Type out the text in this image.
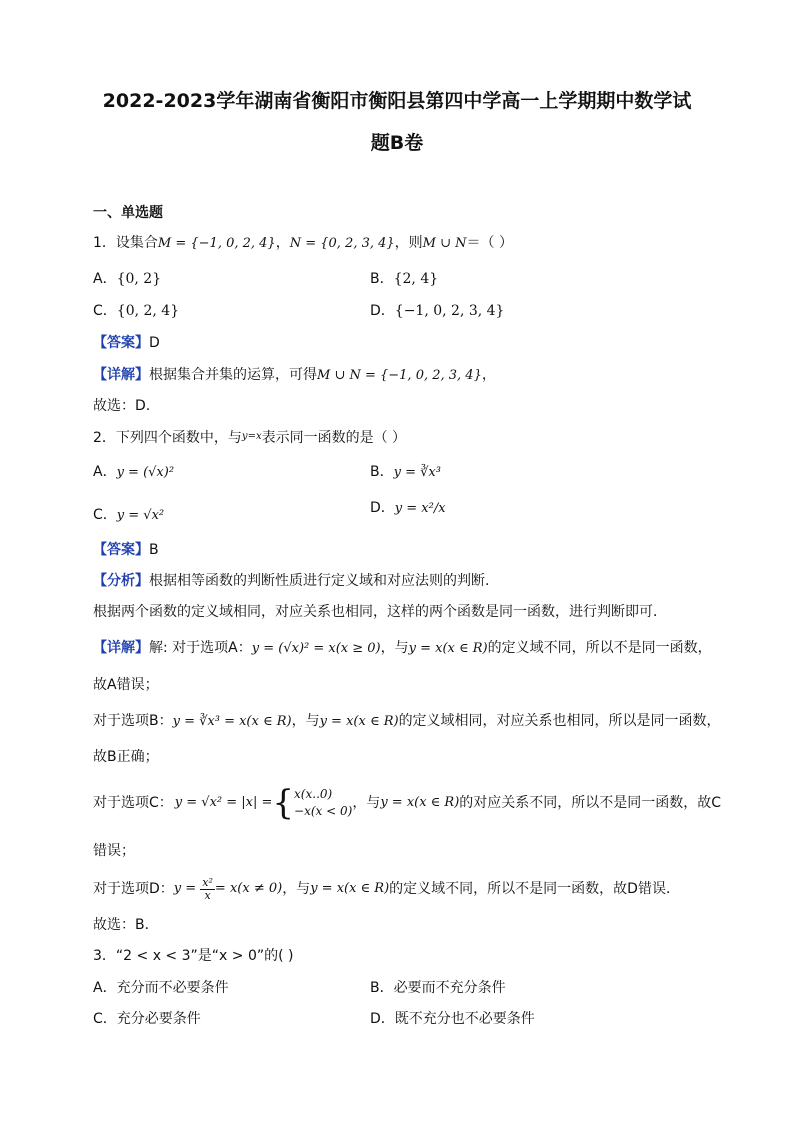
2022-2023学年湖南省衡阳市衡阳县第四中学高一上学期期中数学试
题B卷
一、单选题
1．设集合M = {−1, 0, 2, 4}，N = {0, 2, 3, 4}，则M ∪ N＝（ ）
A．{0, 2}	B．{2, 4}
C．{0, 2, 4}	D．{−1, 0, 2, 3, 4}
【答案】D
【详解】根据集合并集的运算，可得M ∪ N = {−1, 0, 2, 3, 4}，
故选：D.
2．下列四个函数中，与$^{y=x}$表示同一函数的是（ ）
A．y = (√x)²	B．y = ∛x³
C．y = √x²	D．y = x²/x
【答案】B
【分析】根据相等函数的判断性质进行定义域和对应法则的判断.
根据两个函数的定义域相同，对应关系也相同，这样的两个函数是同一函数，进行判断即可．
【详解】解: 对于选项A：y = (√x)² = x(x ≥ 0)，与y = x(x ∈ R)的定义域不同，所以不是同一函数，
故A错误；
对于选项B：y = ∛x³ = x(x ∈ R)，与y = x(x ∈ R)的定义域相同，对应关系也相同，所以是同一函数，
故B正确；
对于选项C： y = √x² = |x| = { x(x..0)
−x(x < 0) ，与 y = x(x ∈ R) 的对应关系不同，所以不是同一函数，故C
错误；
对于选项D： $y = \frac{\text{x²}}{x} = x(x \ne 0)$ ，与 y = x(x ∈ R) 的定义域不同，所以不是同一函数，故D错误．
故选：B．
3．“2 < x < 3”是“x > 0”的( )
A．充分而不必要条件	B．必要而不充分条件
C．充分必要条件	D．既不充分也不必要条件
